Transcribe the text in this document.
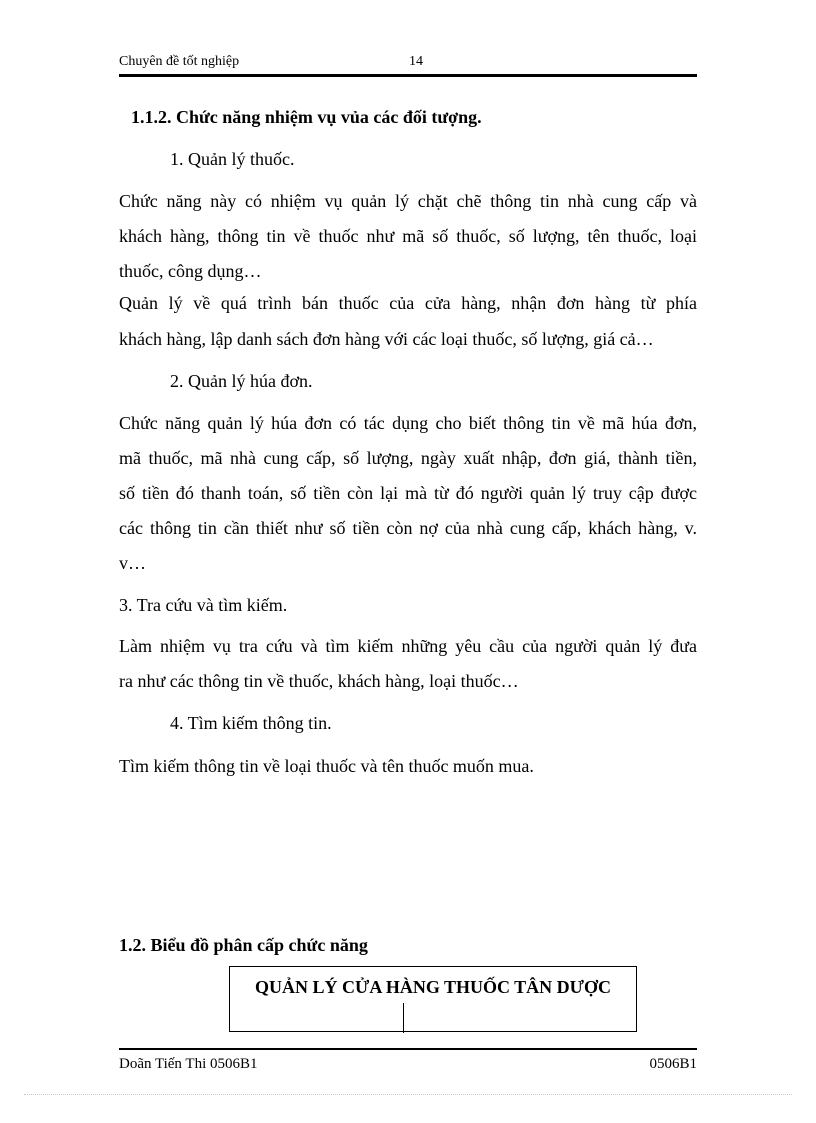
Chuyên đề tốt nghiệp	14
1.1.2. Chức năng nhiệm vụ vủa các đối tượng.
1. Quản lý thuốc.
Chức năng này có nhiệm vụ quản lý chặt chẽ thông tin nhà cung cấp và
khách hàng, thông tin về thuốc như mã số thuốc, số lượng, tên thuốc, loại
thuốc, công dụng…
Quản lý về quá trình bán thuốc của cửa hàng, nhận đơn hàng từ phía
khách hàng, lập danh sách đơn hàng với các loại thuốc, số lượng, giá cả…
2. Quản lý húa đơn.
Chức năng quản lý húa đơn có tác dụng cho biết thông tin về mã húa đơn,
mã thuốc, mã nhà cung cấp, số lượng, ngày xuất nhập, đơn giá, thành tiền,
số tiền đó thanh toán, số tiền còn lại mà từ đó người quản lý truy cập được
các thông tin cần thiết như số tiền còn nợ của nhà cung cấp, khách hàng, v.
v…
3. Tra cứu và tìm kiếm.
Làm nhiệm vụ tra cứu và tìm kiếm những yêu cầu của người quản lý đưa
ra như các thông tin về thuốc, khách hàng, loại thuốc…
4. Tìm kiếm thông tin.
Tìm kiếm thông tin về loại thuốc và tên thuốc muốn mua.
1.2. Biểu đồ phân cấp chức năng
QUẢN LÝ CỬA HÀNG THUỐC TÂN DƯỢC
Doãn Tiến Thi 0506B1	0506B1
